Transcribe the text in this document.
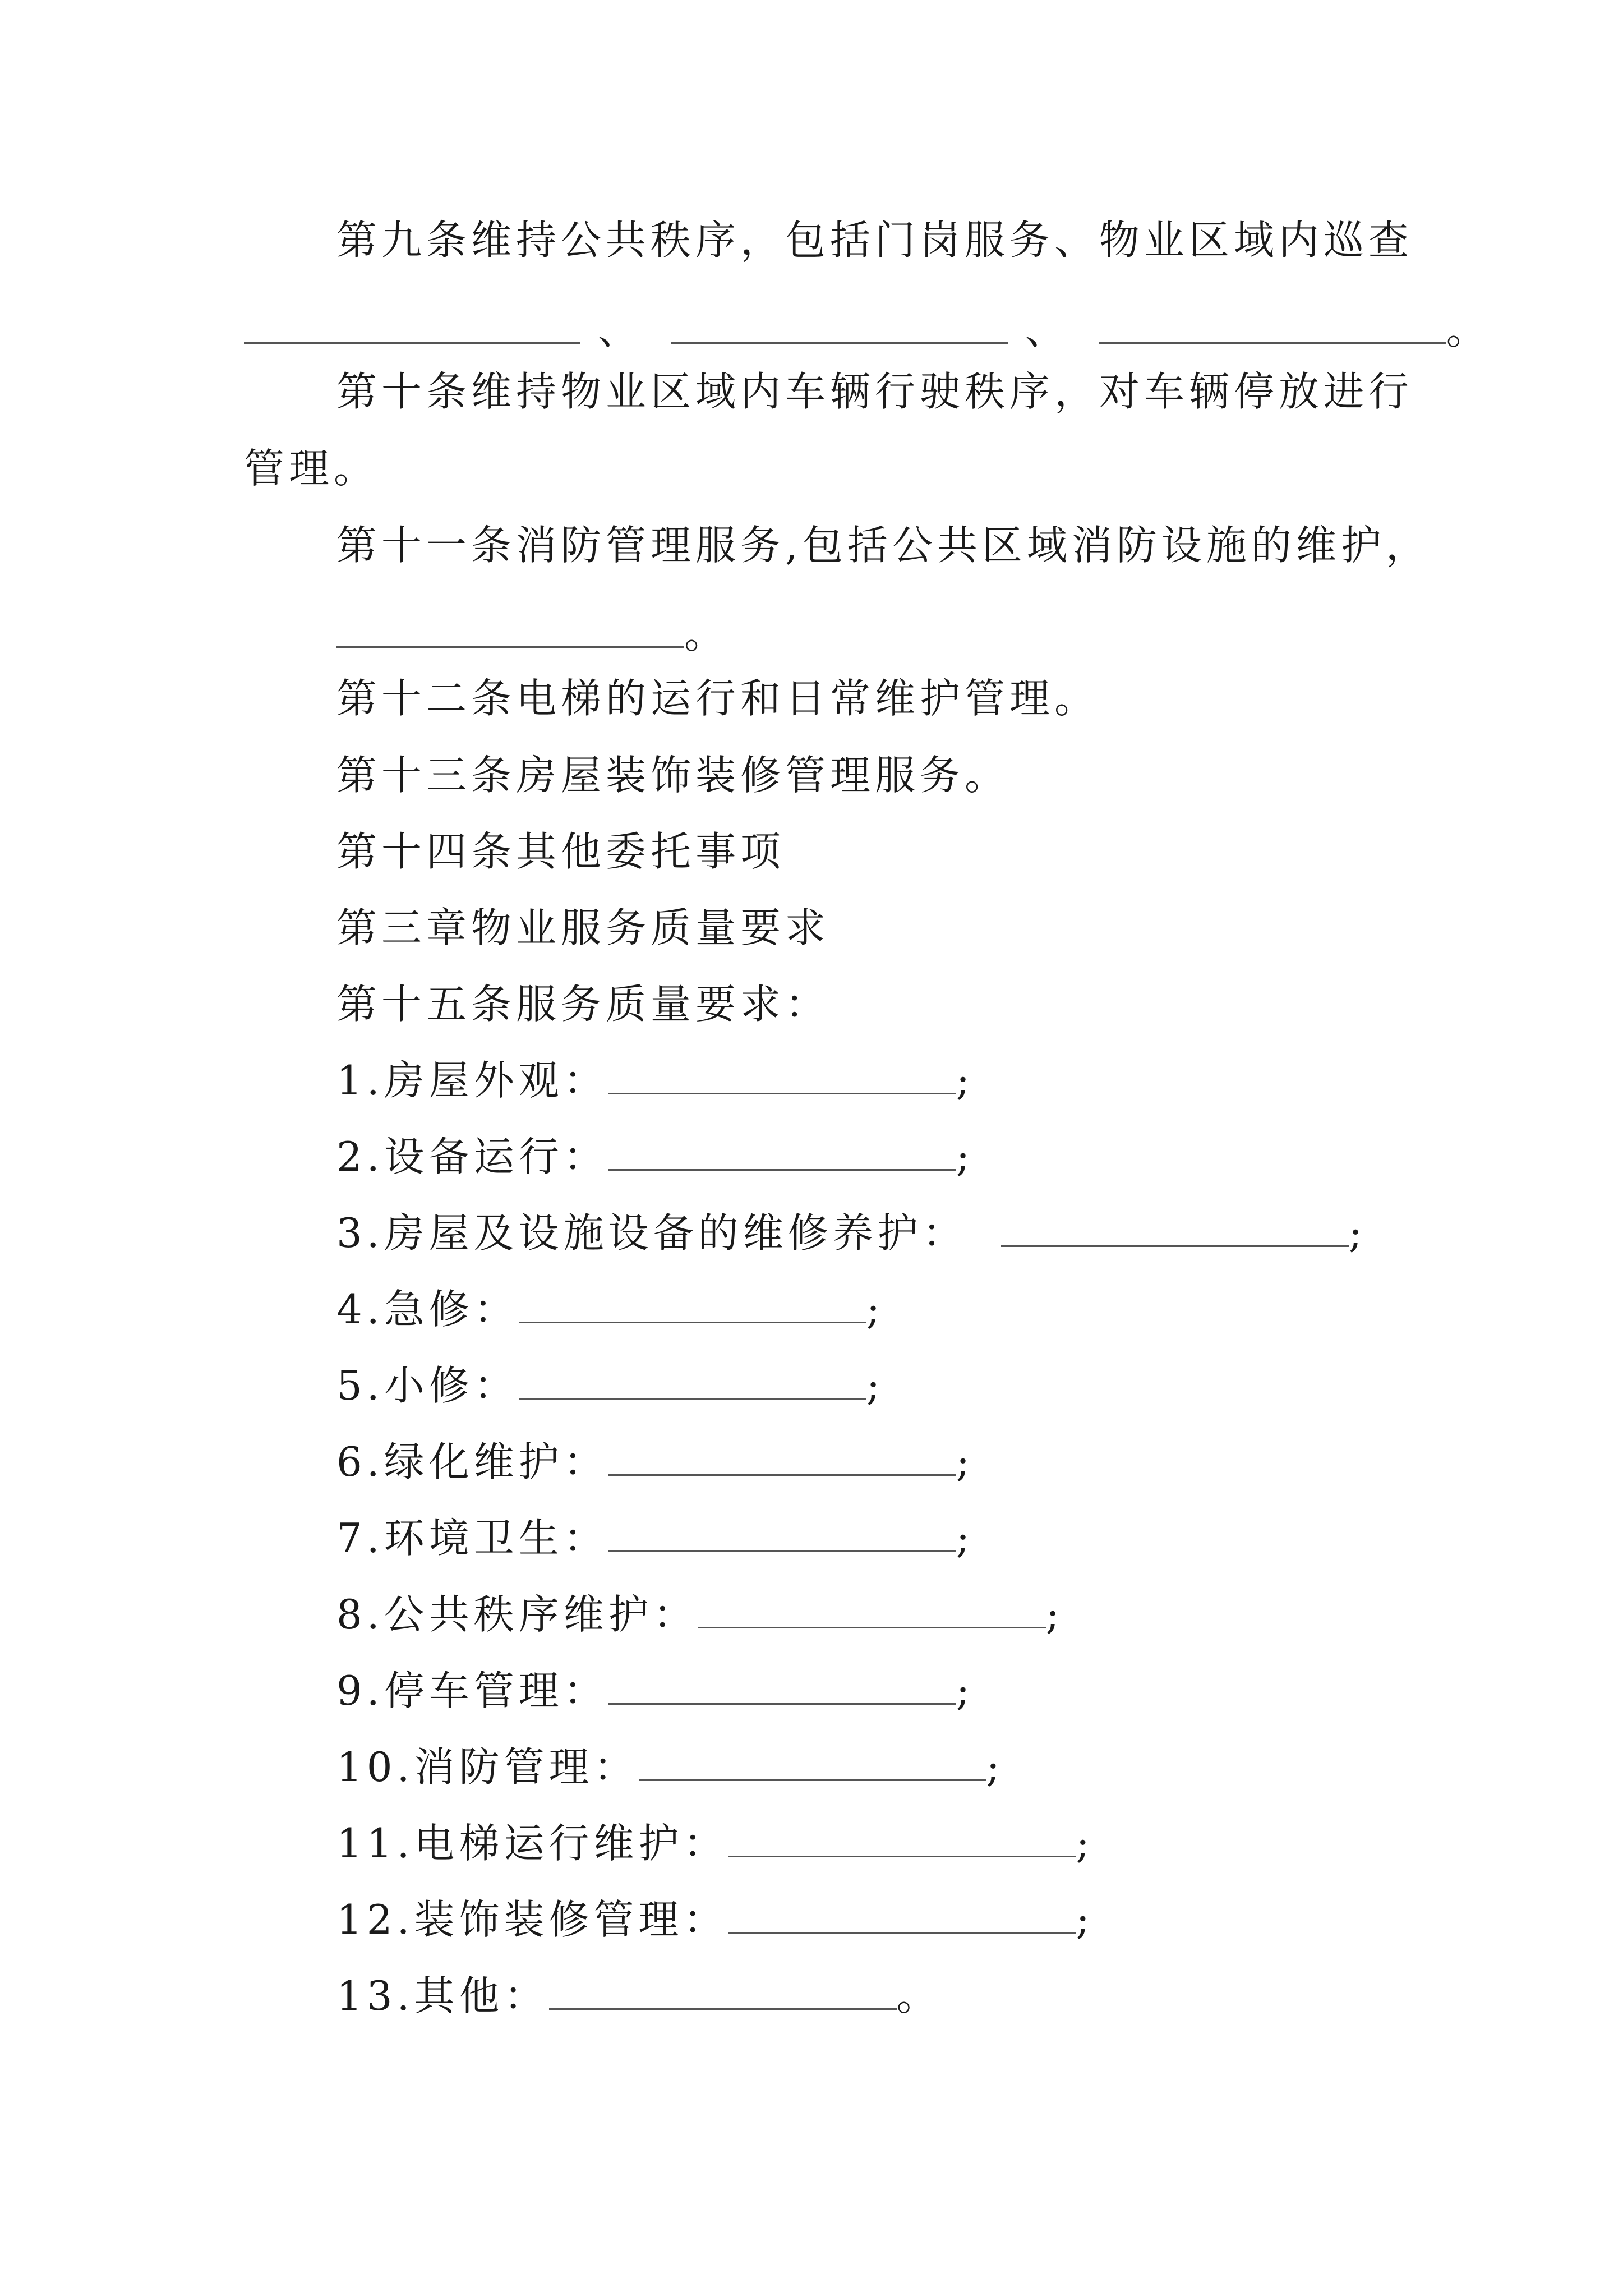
第九条维持公共秩序，包括门岗服务、物业区域内巡查
、	、	。
第十条维持物业区域内车辆行驶秩序，对车辆停放进行
管理。
第十一条消防管理服务,包括公共区域消防设施的维护，
。
第十二条电梯的运行和日常维护管理。
第十三条房屋装饰装修管理服务。
第十四条其他委托事项
第三章物业服务质量要求
第十五条服务质量要求：
1.房屋外观：	;
2.设备运行：	;
3.房屋及设施设备的维修养护：	;
4.急修：	;
5.小修：	;
6.绿化维护：	;
7.环境卫生：	;
8.公共秩序维护：	;
9.停车管理：	;
10.消防管理：	;
11.电梯运行维护：	;
12.装饰装修管理：	;
13.其他：	。
